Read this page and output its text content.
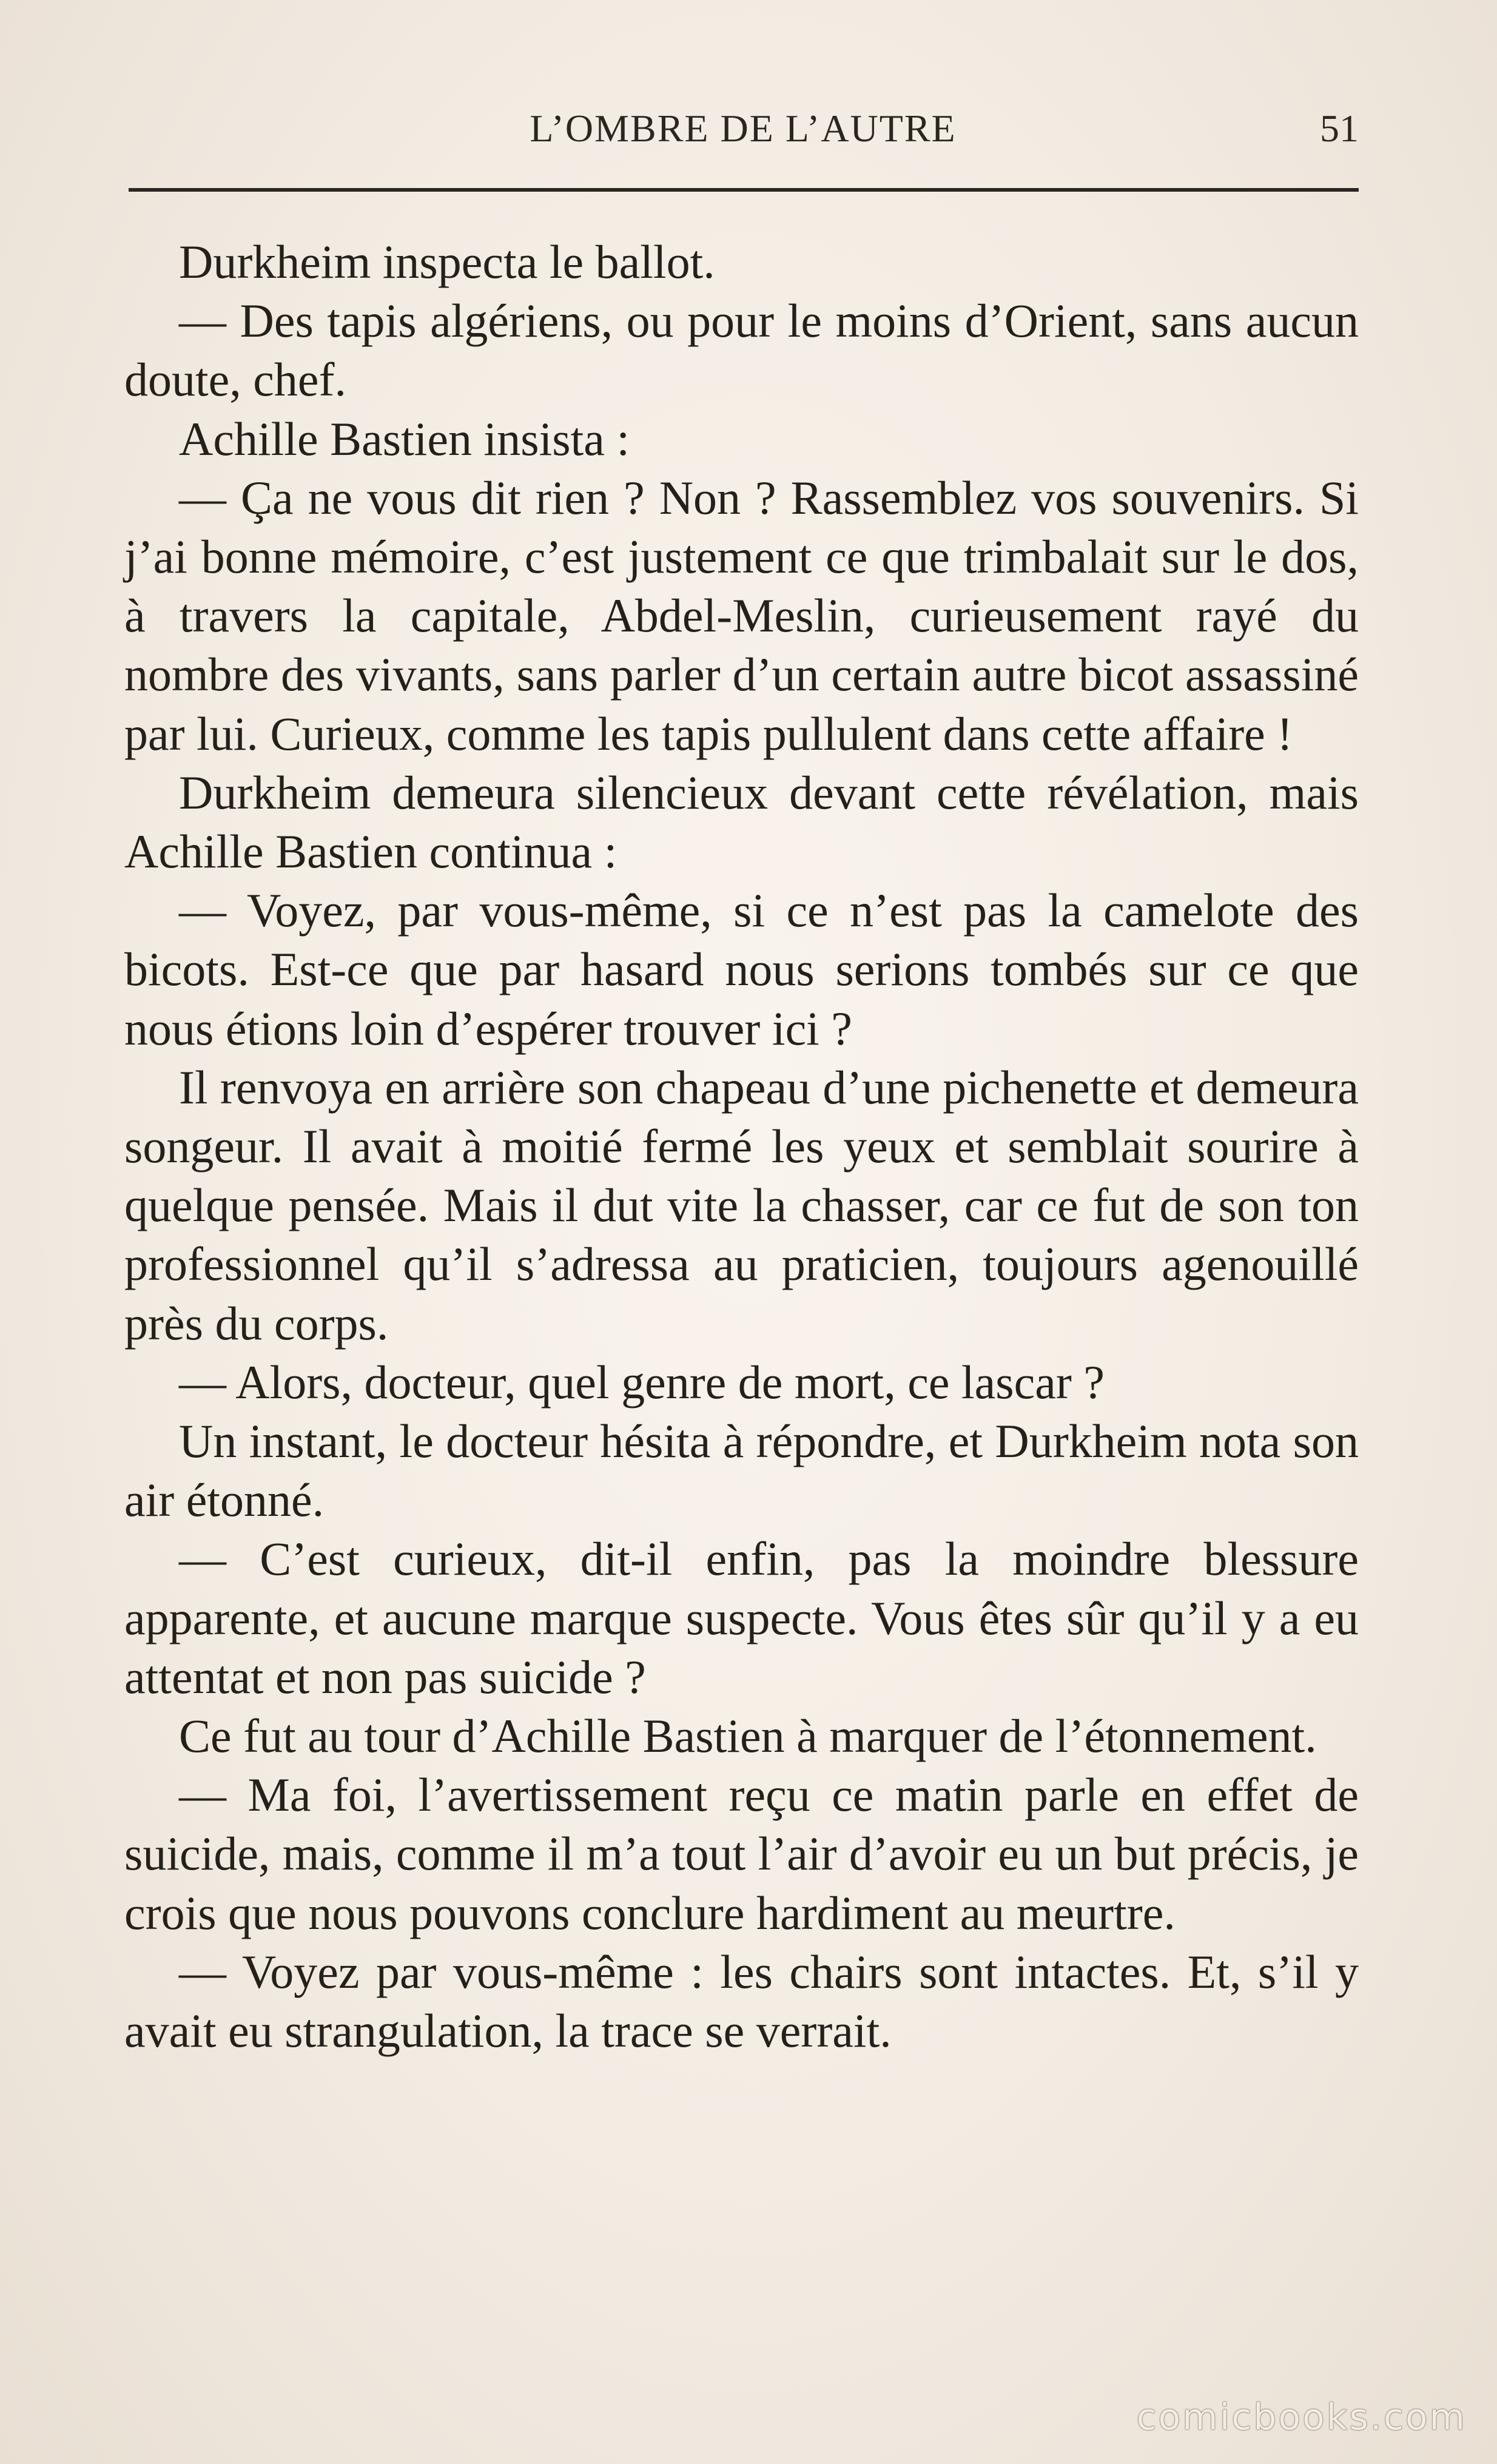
L’OMBRE DE L’AUTRE	51

Durkheim inspecta le ballot.

— Des tapis algériens, ou pour le moins d’Orient, sans aucun doute, chef.

Achille Bastien insista :

— Ça ne vous dit rien ? Non ? Rassemblez vos souvenirs. Si j’ai bonne mémoire, c’est justement ce que trimbalait sur le dos, à travers la capitale, Abdel-Meslin, curieusement rayé du nombre des vivants, sans parler d’un certain autre bicot assassiné par lui. Curieux, comme les tapis pullulent dans cette affaire !

Durkheim demeura silencieux devant cette révélation, mais Achille Bastien continua :

— Voyez, par vous-même, si ce n’est pas la camelote des bicots. Est-ce que par hasard nous serions tombés sur ce que nous étions loin d’espérer trouver ici ?

Il renvoya en arrière son chapeau d’une pichenette et demeura songeur. Il avait à moitié fermé les yeux et semblait sourire à quelque pensée. Mais il dut vite la chasser, car ce fut de son ton professionnel qu’il s’adressa au praticien, toujours agenouillé près du corps.

— Alors, docteur, quel genre de mort, ce lascar ?

Un instant, le docteur hésita à répondre, et Durkheim nota son air étonné.

— C’est curieux, dit-il enfin, pas la moindre blessure apparente, et aucune marque suspecte. Vous êtes sûr qu’il y a eu attentat et non pas suicide ?

Ce fut au tour d’Achille Bastien à marquer de l’étonnement.

— Ma foi, l’avertissement reçu ce matin parle en effet de suicide, mais, comme il m’a tout l’air d’avoir eu un but précis, je crois que nous pouvons conclure hardiment au meurtre.

— Voyez par vous-même : les chairs sont intactes. Et, s’il y avait eu strangulation, la trace se verrait.

comicbooks.com
